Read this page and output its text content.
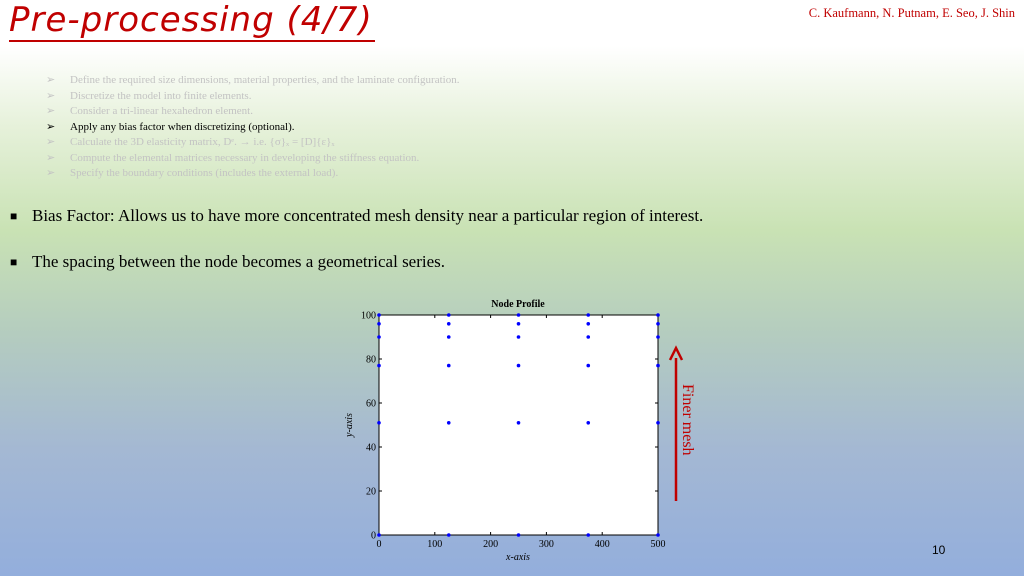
Pre-processing (4/7)	C. Kaufmann, N. Putnam, E. Seo, J. Shin
➢ Define the required size dimensions, material properties, and the laminate configuration.
➢ Discretize the model into finite elements.
➢ Consider a tri-linear hexahedron element.
➢ Apply any bias factor when discretizing (optional).
➢ Calculate the 3D elasticity matrix, Dᵉ. → i.e. {σ}ₓ = [D]{ε}ₓ
➢ Compute the elemental matrices necessary in developing the stiffness equation.
➢ Specify the boundary conditions (includes the external load).
■ Bias Factor: Allows us to have more concentrated mesh density near a particular region of interest.
■ The spacing between the node becomes a geometrical series.
Node Profile
x-axis
y-axis
0	100	200	300	400	500
0
20
40
60
80
100
Finer mesh
10
